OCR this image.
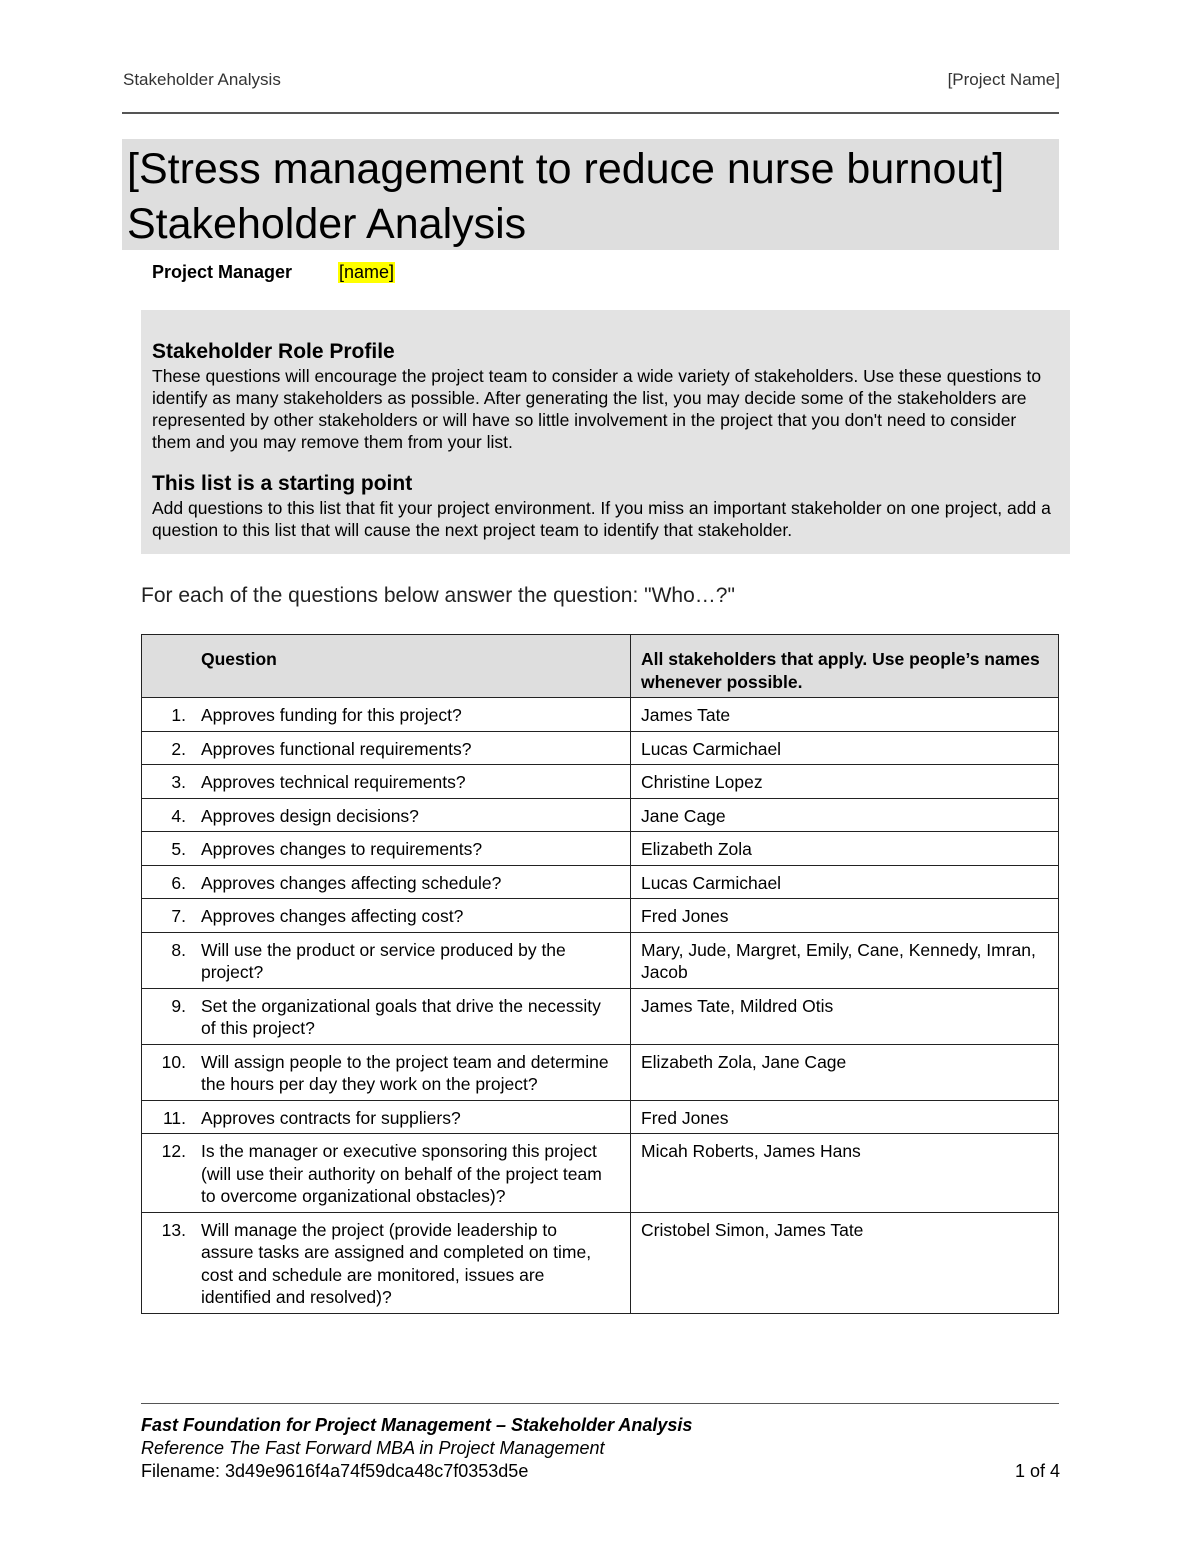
Stakeholder Analysis	[Project Name]
[Stress management to reduce nurse burnout] Stakeholder Analysis
Project Manager	[name]
Stakeholder Role Profile

These questions will encourage the project team to consider a wide variety of stakeholders. Use these questions to identify as many stakeholders as possible. After generating the list, you may decide some of the stakeholders are represented by other stakeholders or will have so little involvement in the project that you don't need to consider them and you may remove them from your list.

This list is a starting point

Add questions to this list that fit your project environment. If you miss an important stakeholder on one project, add a question to this list that will cause the next project team to identify that stakeholder.

For each of the questions below answer the question: "Who…?"
Question	All stakeholders that apply. Use people’s names whenever possible.
1. Approves funding for this project?	James Tate
2. Approves functional requirements?	Lucas Carmichael
3. Approves technical requirements?	Christine Lopez
4. Approves design decisions?	Jane Cage
5. Approves changes to requirements?	Elizabeth Zola
6. Approves changes affecting schedule?	Lucas Carmichael
7. Approves changes affecting cost?	Fred Jones
8. Will use the product or service produced by the project?	Mary, Jude, Margret, Emily, Cane, Kennedy, Imran, Jacob
9. Set the organizational goals that drive the necessity of this project?	James Tate, Mildred Otis
10. Will assign people to the project team and determine the hours per day they work on the project?	Elizabeth Zola, Jane Cage
11. Approves contracts for suppliers?	Fred Jones
12. Is the manager or executive sponsoring this project (will use their authority on behalf of the project team to overcome organizational obstacles)?	Micah Roberts, James Hans
13. Will manage the project (provide leadership to assure tasks are assigned and completed on time, cost and schedule are monitored, issues are identified and resolved)?	Cristobel Simon, James Tate
Fast Foundation for Project Management – Stakeholder Analysis
Reference The Fast Forward MBA in Project Management
Filename: 3d49e9616f4a74f59dca48c7f0353d5e	1 of 4
